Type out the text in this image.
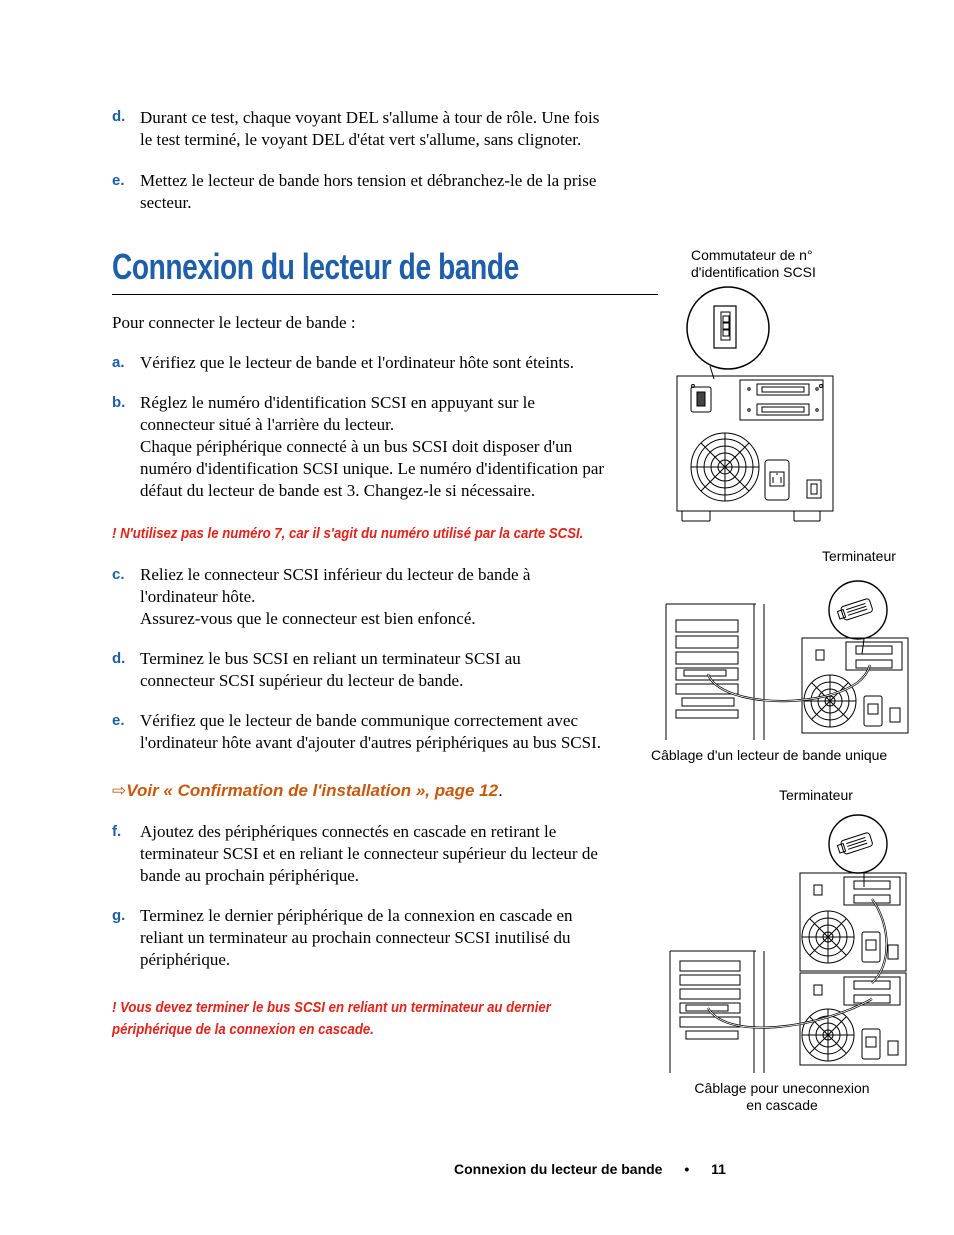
d. Durant ce test, chaque voyant DEL s'allume à tour de rôle. Une fois
le test terminé, le voyant DEL d'état vert s'allume, sans clignoter.
e. Mettez le lecteur de bande hors tension et débranchez-le de la prise
secteur.
Connexion du lecteur de bande
Pour connecter le lecteur de bande :
a. Vérifiez que le lecteur de bande et l'ordinateur hôte sont éteints.
b. Réglez le numéro d'identification SCSI en appuyant sur le
connecteur situé à l'arrière du lecteur.
Chaque périphérique connecté à un bus SCSI doit disposer d'un
numéro d'identification SCSI unique. Le numéro d'identification par
défaut du lecteur de bande est 3. Changez-le si nécessaire.
! N'utilisez pas le numéro 7, car il s'agit du numéro utilisé par la carte SCSI.
c. Reliez le connecteur SCSI inférieur du lecteur de bande à
l'ordinateur hôte.
Assurez-vous que le connecteur est bien enfoncé.
d. Terminez le bus SCSI en reliant un terminateur SCSI au
connecteur SCSI supérieur du lecteur de bande.
e. Vérifiez que le lecteur de bande communique correctement avec
l'ordinateur hôte avant d'ajouter d'autres périphériques au bus SCSI.
⇨Voir « Confirmation de l'installation », page 12.
f. Ajoutez des périphériques connectés en cascade en retirant le
terminateur SCSI et en reliant le connecteur supérieur du lecteur de
bande au prochain périphérique.
g. Terminez le dernier périphérique de la connexion en cascade en
reliant un terminateur au prochain connecteur SCSI inutilisé du
périphérique.
! Vous devez terminer le bus SCSI en reliant un terminateur au dernier
périphérique de la connexion en cascade.
Commutateur de n°
d'identification SCSI
Terminateur
Câblage d'un lecteur de bande unique
Terminateur
Câblage pour uneconnexion
en cascade
Connexion du lecteur de bande • 11
